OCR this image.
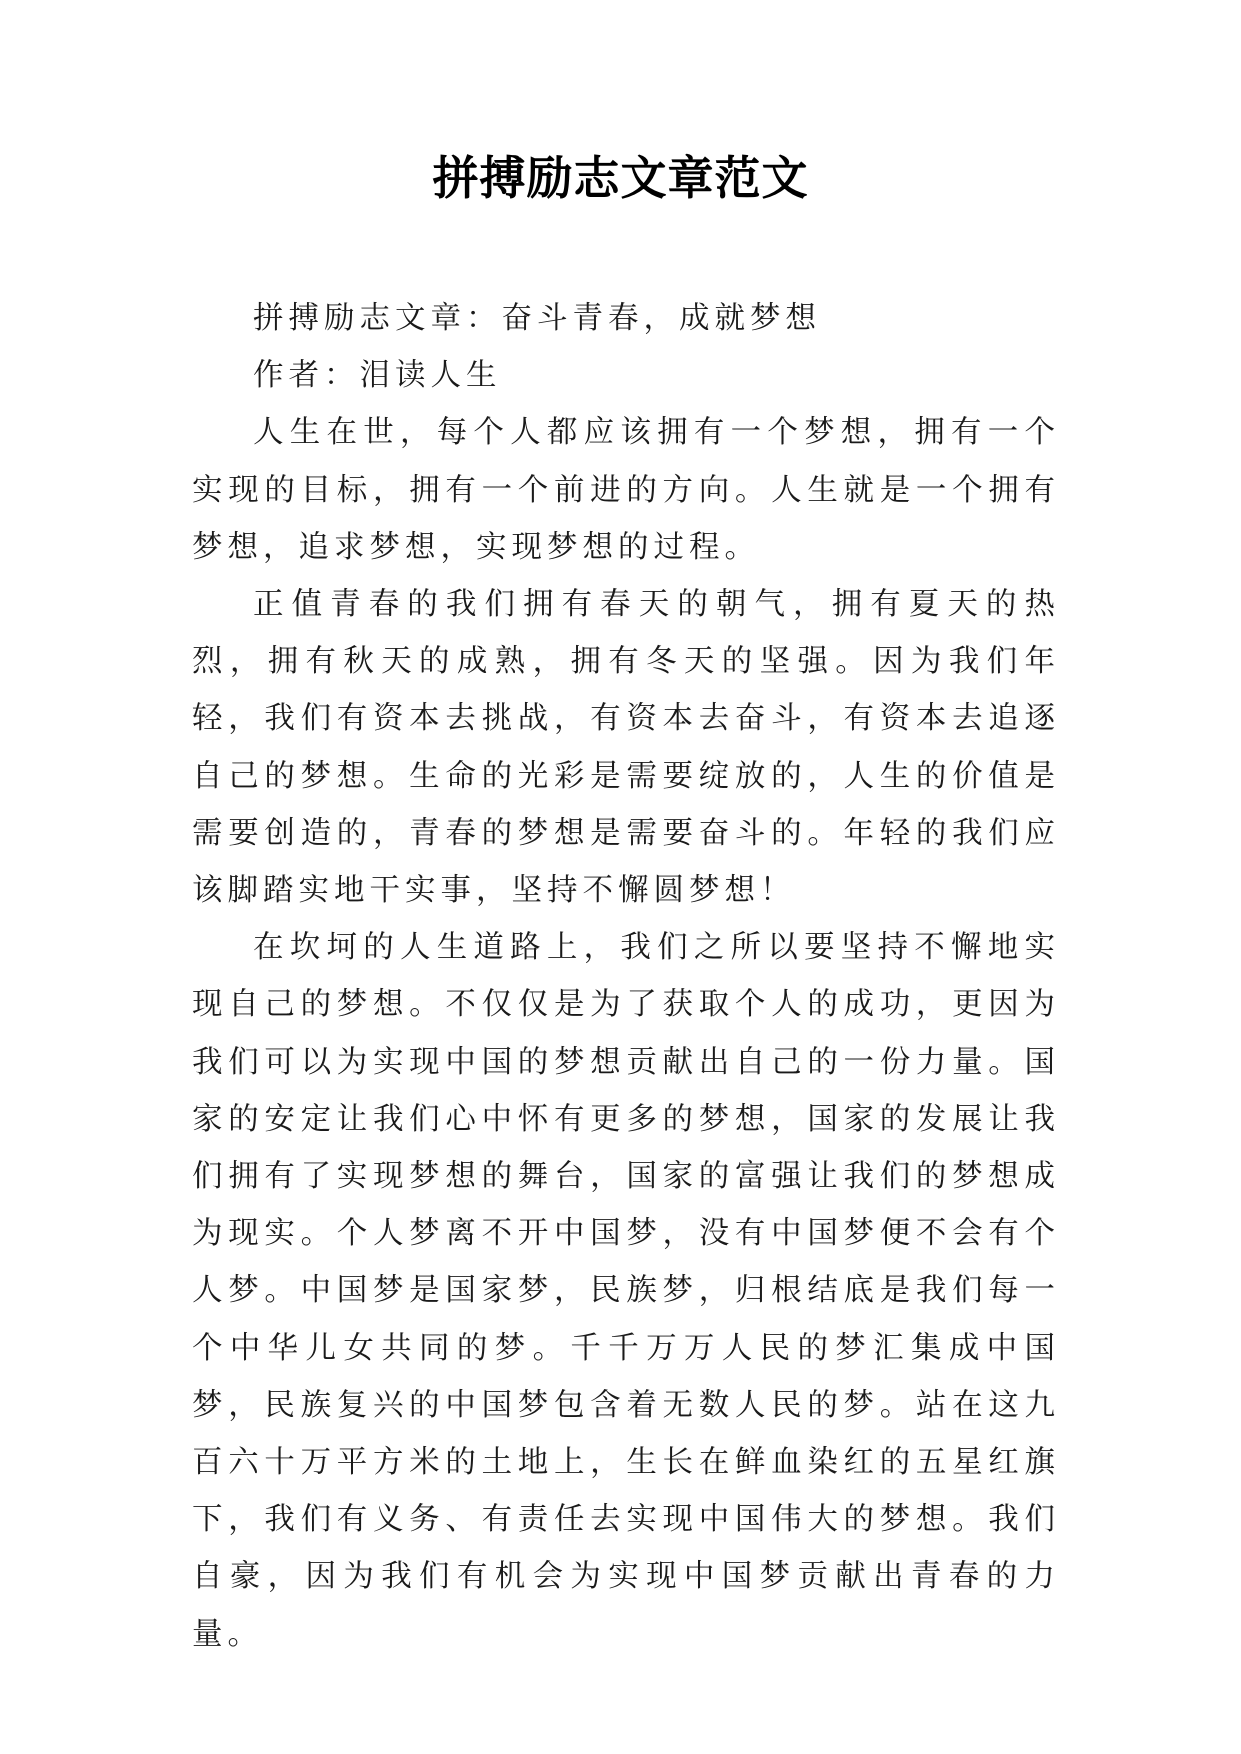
拼搏励志文章范文

拼搏励志文章：奋斗青春，成就梦想

作者：泪读人生

人生在世，每个人都应该拥有一个梦想，拥有一个实现的目标，拥有一个前进的方向。人生就是一个拥有梦想，追求梦想，实现梦想的过程。

正值青春的我们拥有春天的朝气，拥有夏天的热烈，拥有秋天的成熟，拥有冬天的坚强。因为我们年轻，我们有资本去挑战，有资本去奋斗，有资本去追逐自己的梦想。生命的光彩是需要绽放的，人生的价值是需要创造的，青春的梦想是需要奋斗的。年轻的我们应该脚踏实地干实事，坚持不懈圆梦想！

在坎坷的人生道路上，我们之所以要坚持不懈地实现自己的梦想。不仅仅是为了获取个人的成功，更因为我们可以为实现中国的梦想贡献出自己的一份力量。国家的安定让我们心中怀有更多的梦想，国家的发展让我们拥有了实现梦想的舞台，国家的富强让我们的梦想成为现实。个人梦离不开中国梦，没有中国梦便不会有个人梦。中国梦是国家梦，民族梦，归根结底是我们每一个中华儿女共同的梦。千千万万人民的梦汇集成中国梦，民族复兴的中国梦包含着无数人民的梦。站在这九百六十万平方米的土地上，生长在鲜血染红的五星红旗下，我们有义务、有责任去实现中国伟大的梦想。我们自豪，因为我们有机会为实现中国梦贡献出青春的力量。
